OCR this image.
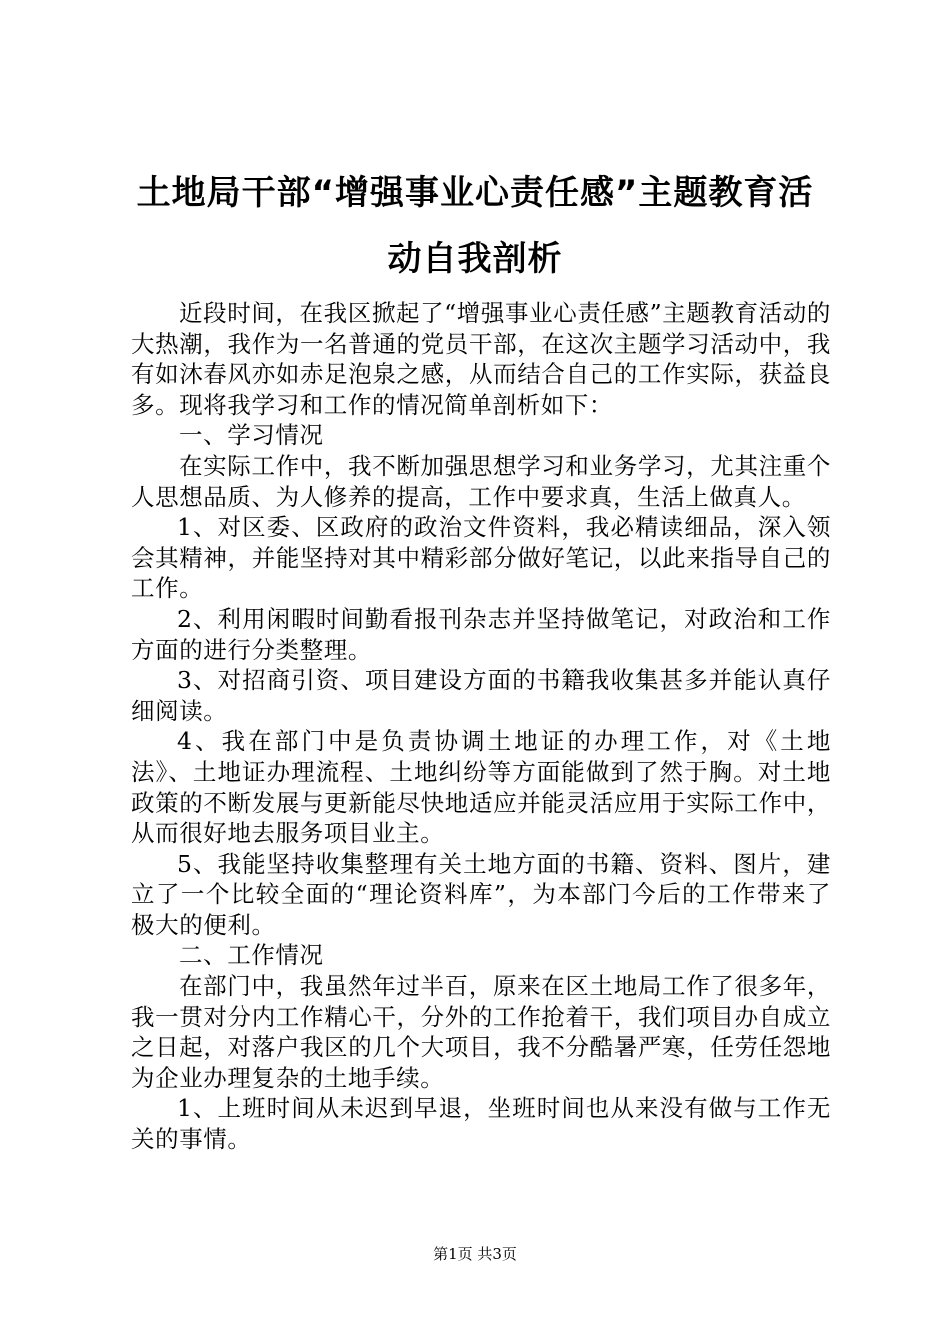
土地局干部“增强事业心责任感”主题教育活
动自我剖析

近段时间，在我区掀起了“增强事业心责任感”主题教育活动的大热潮，我作为一名普通的党员干部，在这次主题学习活动中，我有如沐春风亦如赤足泡泉之感，从而结合自己的工作实际，获益良多。现将我学习和工作的情况简单剖析如下：

一、学习情况

在实际工作中，我不断加强思想学习和业务学习，尤其注重个人思想品质、为人修养的提高，工作中要求真，生活上做真人。

1、对区委、区政府的政治文件资料，我必精读细品，深入领会其精神，并能坚持对其中精彩部分做好笔记，以此来指导自己的工作。

2、利用闲暇时间勤看报刊杂志并坚持做笔记，对政治和工作方面的进行分类整理。

3、对招商引资、项目建设方面的书籍我收集甚多并能认真仔细阅读。

4、我在部门中是负责协调土地证的办理工作，对《土地法》、土地证办理流程、土地纠纷等方面能做到了然于胸。对土地政策的不断发展与更新能尽快地适应并能灵活应用于实际工作中，从而很好地去服务项目业主。

5、我能坚持收集整理有关土地方面的书籍、资料、图片，建立了一个比较全面的“理论资料库”，为本部门今后的工作带来了极大的便利。

二、工作情况

在部门中，我虽然年过半百，原来在区土地局工作了很多年，我一贯对分内工作精心干，分外的工作抢着干，我们项目办自成立之日起，对落户我区的几个大项目，我不分酷暑严寒，任劳任怨地为企业办理复杂的土地手续。

1、上班时间从未迟到早退，坐班时间也从来没有做与工作无关的事情。

第1页 共3页
